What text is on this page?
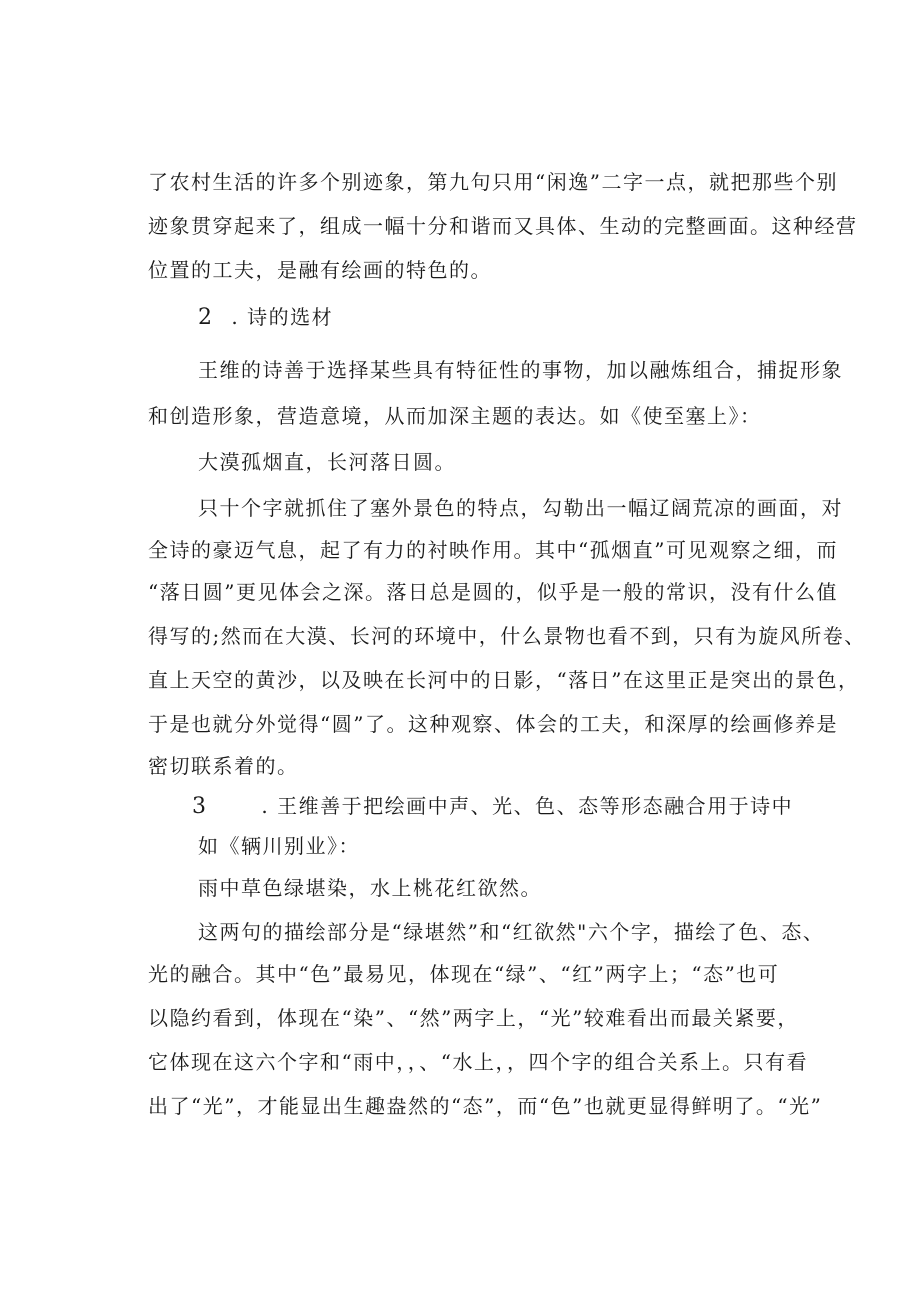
了农村生活的许多个别迹象，第九句只用“闲逸”二字一点，就把那些个别
迹象贯穿起来了，组成一幅十分和谐而又具体、生动的完整画面。这种经营
位置的工夫，是融有绘画的特色的。
2 . 诗的选材
王维的诗善于选择某些具有特征性的事物，加以融炼组合，捕捉形象
和创造形象，营造意境，从而加深主题的表达。如《使至塞上》：
大漠孤烟直，长河落日圆。
只十个字就抓住了塞外景色的特点，勾勒出一幅辽阔荒凉的画面，对
全诗的豪迈气息，起了有力的衬映作用。其中“孤烟直”可见观察之细，而
“落日圆”更见体会之深。落日总是圆的，似乎是一般的常识，没有什么值
得写的;然而在大漠、长河的环境中，什么景物也看不到，只有为旋风所卷、
直上天空的黄沙，以及映在长河中的日影，“落日”在这里正是突出的景色，
于是也就分外觉得“圆”了。这种观察、体会的工夫，和深厚的绘画修养是
密切联系着的。
3	. 王维善于把绘画中声、光、色、态等形态融合用于诗中
如《辆川别业》：
雨中草色绿堪染，水上桃花红欲然。
这两句的描绘部分是“绿堪然”和“红欲然"六个字，描绘了色、态、
光的融合。其中“色”最易见，体现在“绿”、“红”两字上；“态”也可
以隐约看到，体现在“染”、“然”两字上，“光”较难看出而最关紧要，
它体现在这六个字和“雨中，，、“水上，，四个字的组合关系上。只有看
出了“光”，才能显出生趣盎然的“态”，而“色”也就更显得鲜明了。“光”
